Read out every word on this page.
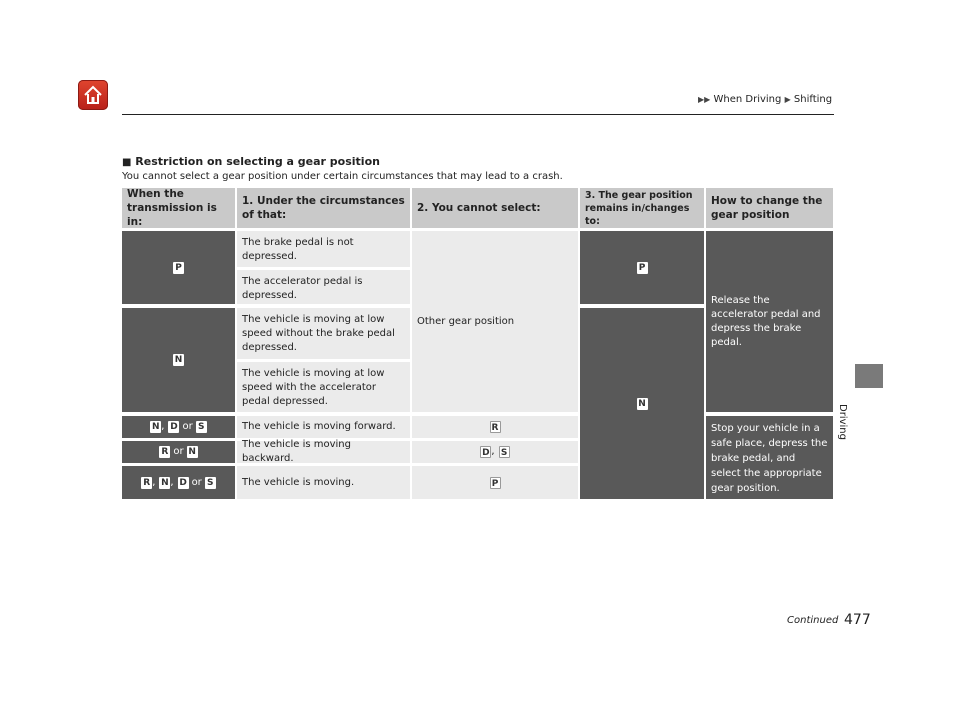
▶▶ When Driving ▶ Shifting
Driving
■ Restriction on selecting a gear position
You cannot select a gear position under certain circumstances that may lead to a crash.
When the transmission is in:
1. Under the circumstances of that:
2. You cannot select:
3. The gear position remains in/changes to:
How to change the gear position
P
N
N , D or S
R or N
R , N , D or S
The brake pedal is not depressed.
The accelerator pedal is depressed.
The vehicle is moving at low speed without the brake pedal depressed.
The vehicle is moving at low speed with the accelerator pedal depressed.
The vehicle is moving forward.
The vehicle is moving backward.
The vehicle is moving.
Other gear position
R
D , S
P
P
N
Release the accelerator pedal and depress the brake pedal.
Stop your vehicle in a safe place, depress the brake pedal, and select the appropriate gear position.
Continued 477
